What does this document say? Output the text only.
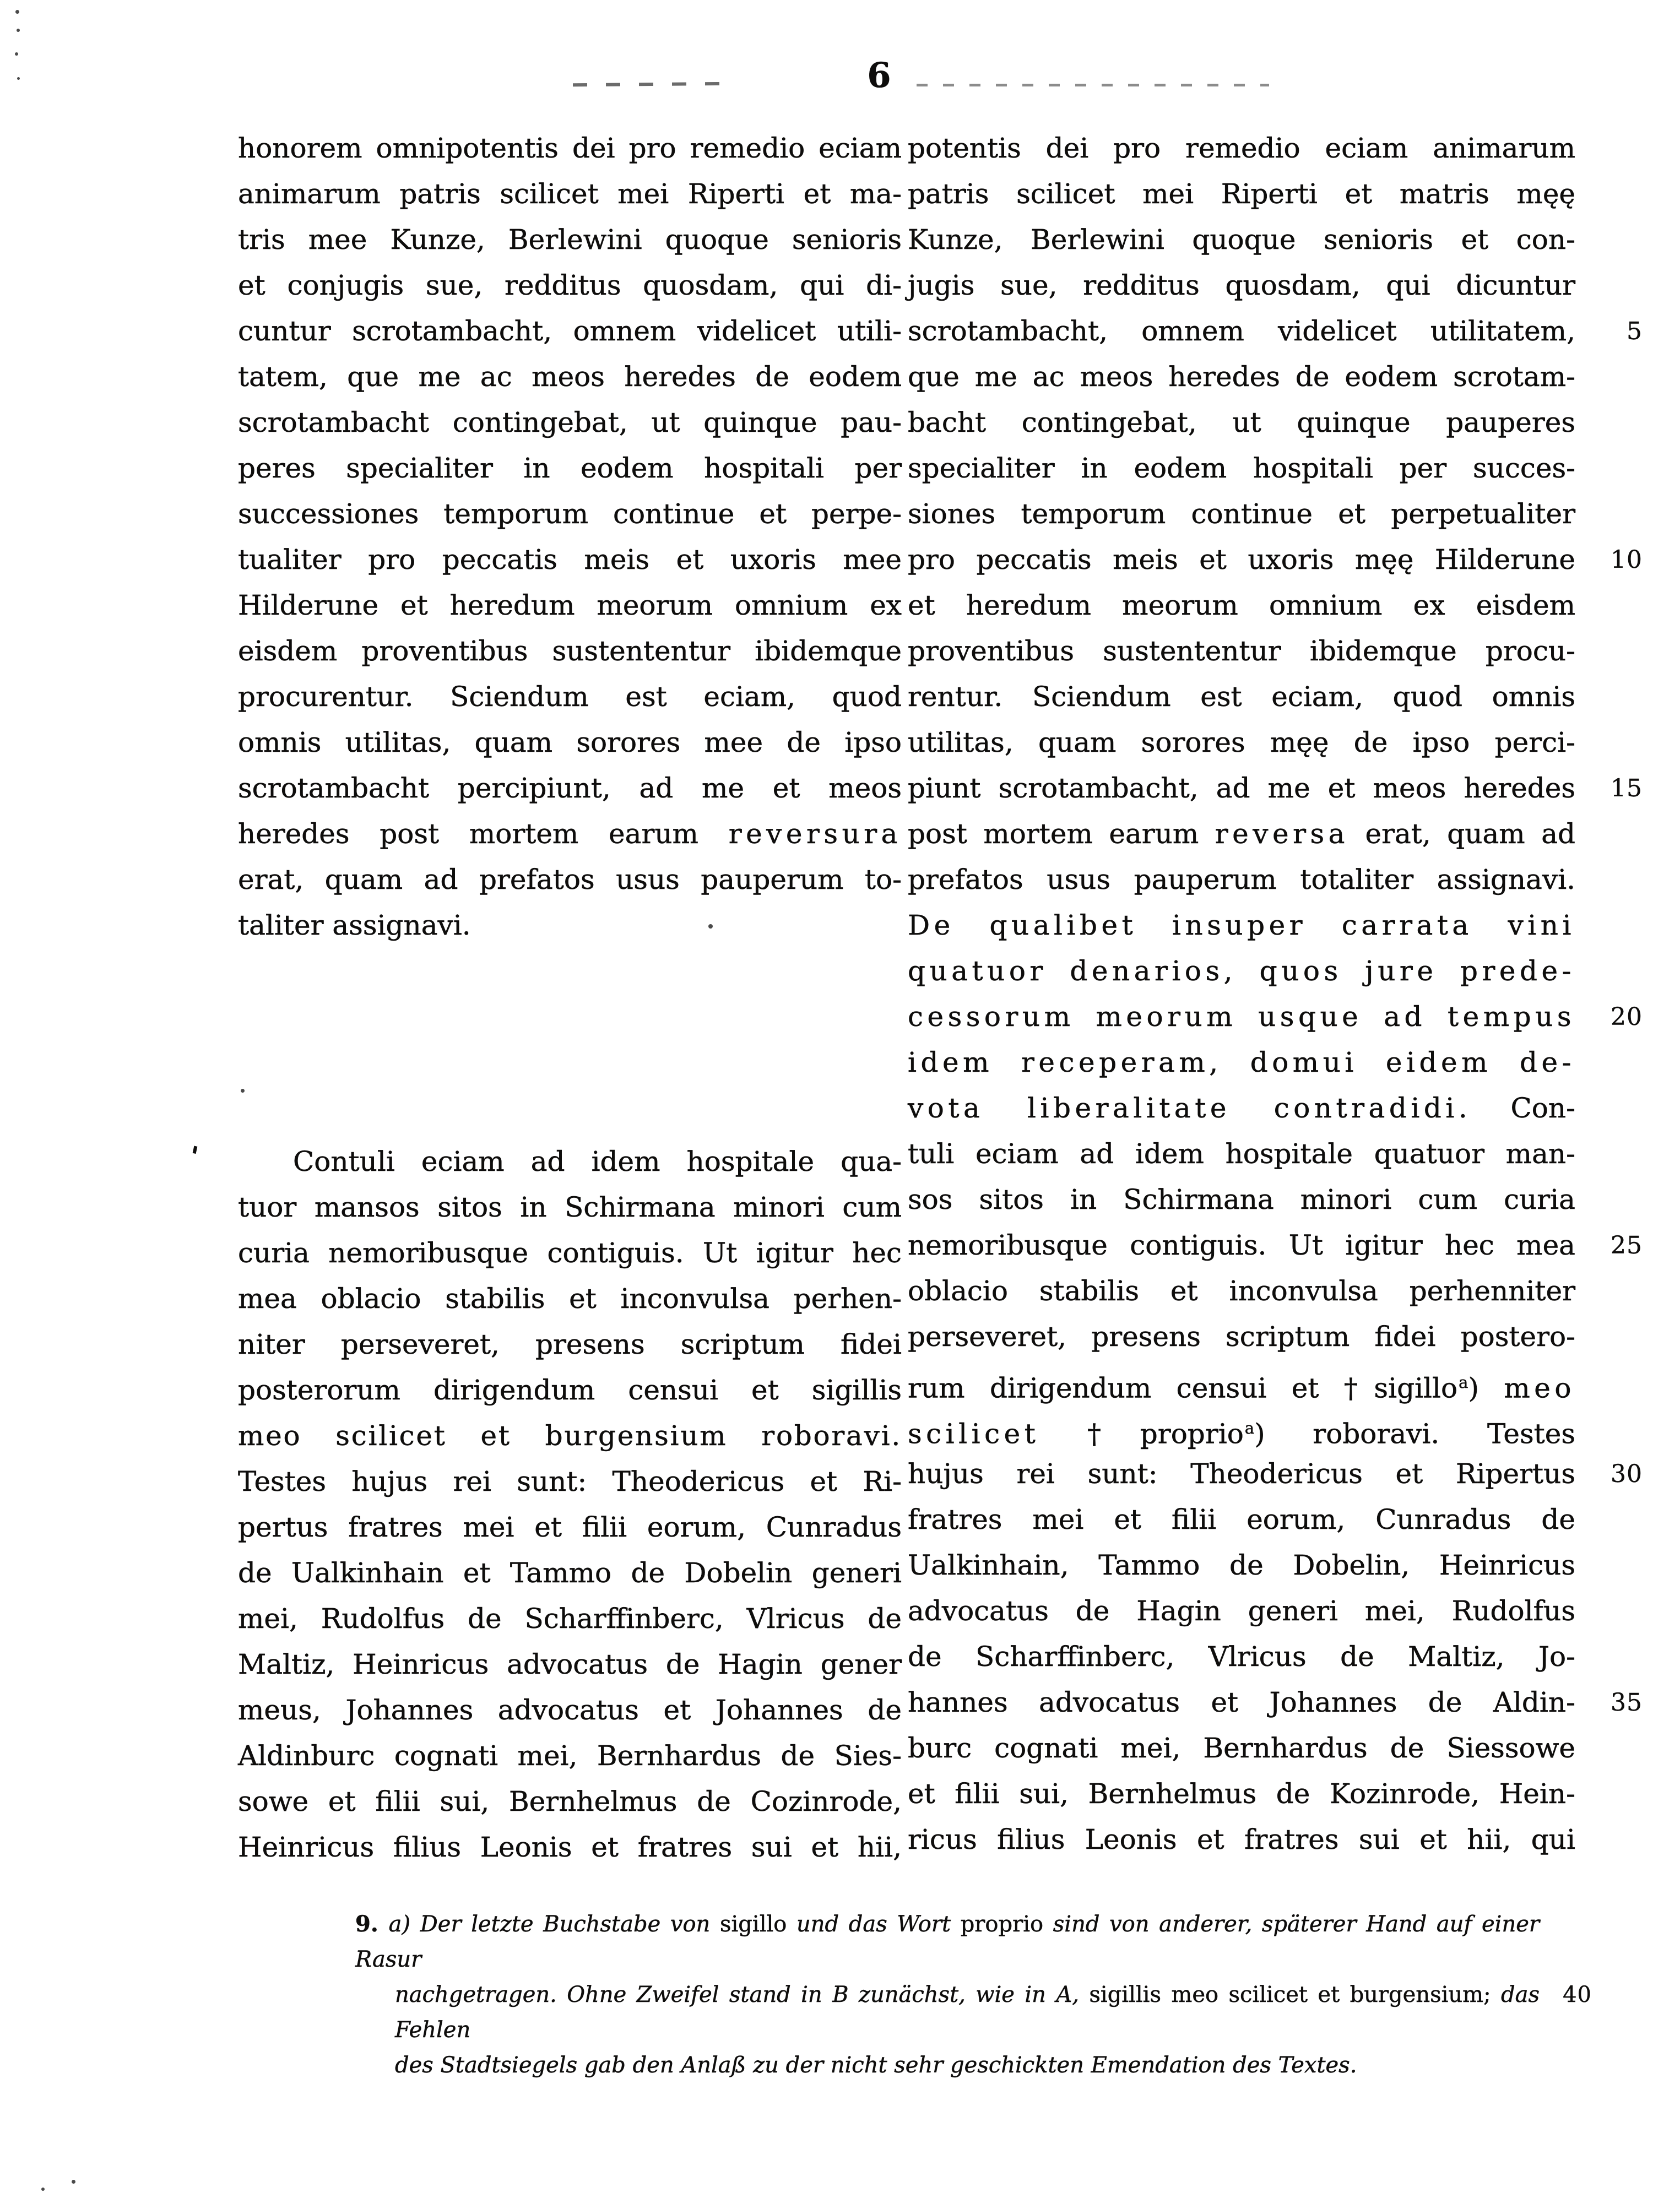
6
honorem omnipotentis dei pro remedio eciam
animarum patris scilicet mei Riperti et ma-
tris mee Kunze, Berlewini quoque senioris
et conjugis sue, redditus quosdam, qui di-
cuntur scrotambacht, omnem videlicet utili-
tatem, que me ac meos heredes de eodem
scrotambacht contingebat, ut quinque pau-
peres specialiter in eodem hospitali per
successiones temporum continue et perpe-
tualiter pro peccatis meis et uxoris mee
Hilderune et heredum meorum omnium ex
eisdem proventibus sustententur ibidemque
procurentur. Sciendum est eciam, quod
omnis utilitas, quam sorores mee de ipso
scrotambacht percipiunt, ad me et meos
heredes post mortem earum reversura
erat, quam ad prefatos usus pauperum to-
taliter assignavi.
Contuli eciam ad idem hospitale qua-
tuor mansos sitos in Schirmana minori cum
curia nemoribusque contiguis. Ut igitur hec
mea oblacio stabilis et inconvulsa perhen-
niter perseveret, presens scriptum fidei
posterorum dirigendum censui et sigillis
meo scilicet et burgensium roboravi.
Testes hujus rei sunt: Theodericus et Ri-
pertus fratres mei et filii eorum, Cunradus
de Ualkinhain et Tammo de Dobelin generi
mei, Rudolfus de Scharffinberc, Vlricus de
Maltiz, Heinricus advocatus de Hagin gener
meus, Johannes advocatus et Johannes de
Aldinburc cognati mei, Bernhardus de Sies-
sowe et filii sui, Bernhelmus de Cozinrode,
Heinricus filius Leonis et fratres sui et hii,
potentis dei pro remedio eciam animarum
patris scilicet mei Riperti et matris męę
Kunze, Berlewini quoque senioris et con-
jugis sue, redditus quosdam, qui dicuntur
scrotambacht, omnem videlicet utilitatem, 5
que me ac meos heredes de eodem scrotam-
bacht contingebat, ut quinque pauperes
specialiter in eodem hospitali per succes-
siones temporum continue et perpetualiter
pro peccatis meis et uxoris męę Hilderune 10
et heredum meorum omnium ex eisdem
proventibus sustententur ibidemque procu-
rentur. Sciendum est eciam, quod omnis
utilitas, quam sorores męę de ipso perci-
piunt scrotambacht, ad me et meos heredes 15
post mortem earum reversa erat, quam ad
prefatos usus pauperum totaliter assignavi.
De qualibet insuper carrata vini
quatuor denarios, quos jure prede-
cessorum meorum usque ad tempus 20
idem receperam, domui eidem de-
vota liberalitate contradidi. Con-
tuli eciam ad idem hospitale quatuor man-
sos sitos in Schirmana minori cum curia
nemoribusque contiguis. Ut igitur hec mea 25
oblacio stabilis et inconvulsa perhenniter
perseveret, presens scriptum fidei postero-
rum dirigendum censui et †sigillo$^a$) meo
scilicet †proprio$^a$) roboravi. Testes
hujus rei sunt: Theodericus et Ripertus 30
fratres mei et filii eorum, Cunradus de
Ualkinhain, Tammo de Dobelin, Heinricus
advocatus de Hagin generi mei, Rudolfus
de Scharffinberc, Vlricus de Maltiz, Jo-
hannes advocatus et Johannes de Aldin- 35
burc cognati mei, Bernhardus de Siessowe
et filii sui, Bernhelmus de Kozinrode, Hein-
ricus filius Leonis et fratres sui et hii, qui
9. a) Der letzte Buchstabe von sigillo und das Wort proprio sind von anderer, späterer Hand auf einer Rasur
nachgetragen. Ohne Zweifel stand in B zunächst, wie in A, sigillis meo scilicet et burgensium; das Fehlen
40
des Stadtsiegels gab den Anlaß zu der nicht sehr geschickten Emendation des Textes.
'
